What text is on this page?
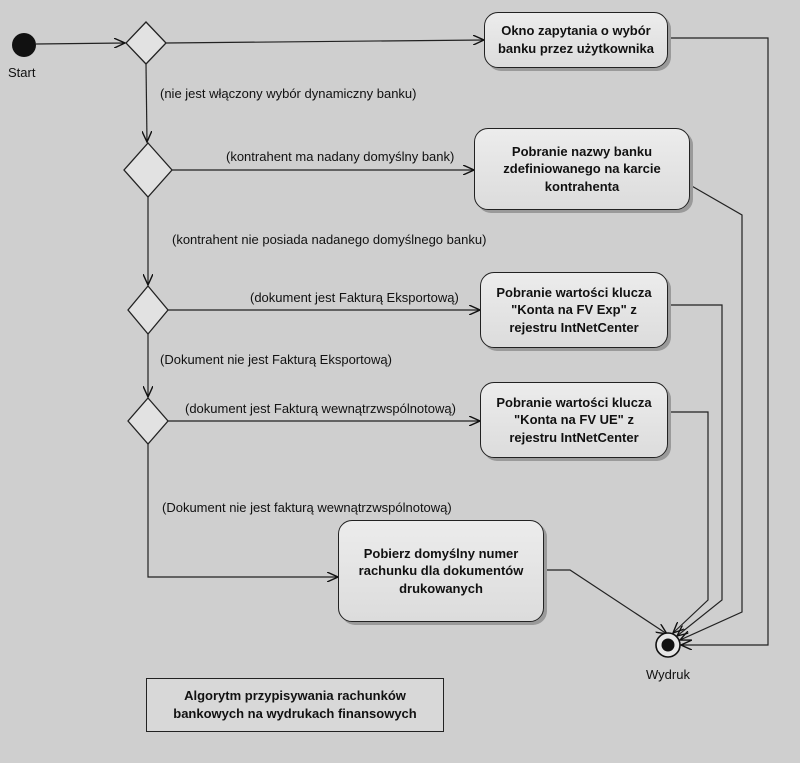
Start
Wydruk
Okno zapytania o wybór
banku przez użytkownika
Pobranie nazwy banku
zdefiniowanego na karcie
kontrahenta
Pobranie wartości klucza
"Konta na FV Exp" z
rejestru IntNetCenter
Pobranie wartości klucza
"Konta na FV UE" z
rejestru IntNetCenter
Pobierz domyślny numer
rachunku dla dokumentów
drukowanych
(nie jest włączony wybór dynamiczny banku)
(kontrahent ma nadany domyślny bank)
(kontrahent nie posiada nadanego domyślnego banku)
(dokument jest Fakturą Eksportową)
(Dokument nie jest Fakturą Eksportową)
(dokument jest Fakturą wewnątrzwspólnotową)
(Dokument nie jest fakturą wewnątrzwspólnotową)
Algorytm przypisywania rachunków
bankowych na wydrukach finansowych
